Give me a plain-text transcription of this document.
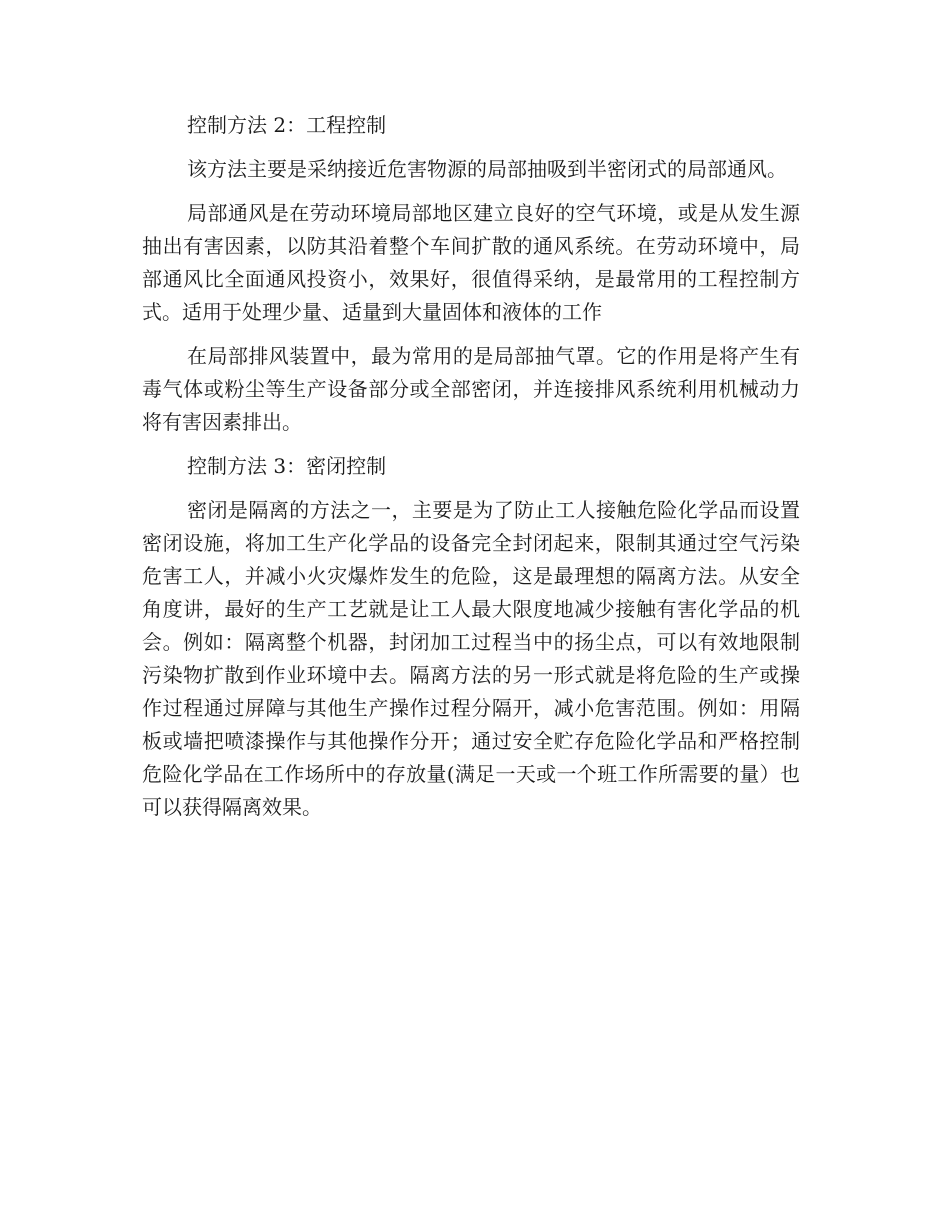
控制方法 2：工程控制

该方法主要是采纳接近危害物源的局部抽吸到半密闭式的局部通风。

局部通风是在劳动环境局部地区建立良好的空气环境，或是从发生源抽出有害因素，以防其沿着整个车间扩散的通风系统。在劳动环境中，局部通风比全面通风投资小，效果好，很值得采纳，是最常用的工程控制方式。适用于处理少量、适量到大量固体和液体的工作

在局部排风装置中，最为常用的是局部抽气罩。它的作用是将产生有毒气体或粉尘等生产设备部分或全部密闭，并连接排风系统利用机械动力将有害因素排出。

控制方法 3：密闭控制

密闭是隔离的方法之一，主要是为了防止工人接触危险化学品而设置密闭设施，将加工生产化学品的设备完全封闭起来，限制其通过空气污染危害工人，并减小火灾爆炸发生的危险，这是最理想的隔离方法。从安全角度讲，最好的生产工艺就是让工人最大限度地减少接触有害化学品的机会。例如：隔离整个机器，封闭加工过程当中的扬尘点，可以有效地限制污染物扩散到作业环境中去。隔离方法的另一形式就是将危险的生产或操作过程通过屏障与其他生产操作过程分隔开，减小危害范围。例如：用隔板或墙把喷漆操作与其他操作分开；通过安全贮存危险化学品和严格控制危险化学品在工作场所中的存放量(满足一天或一个班工作所需要的量）也可以获得隔离效果。
